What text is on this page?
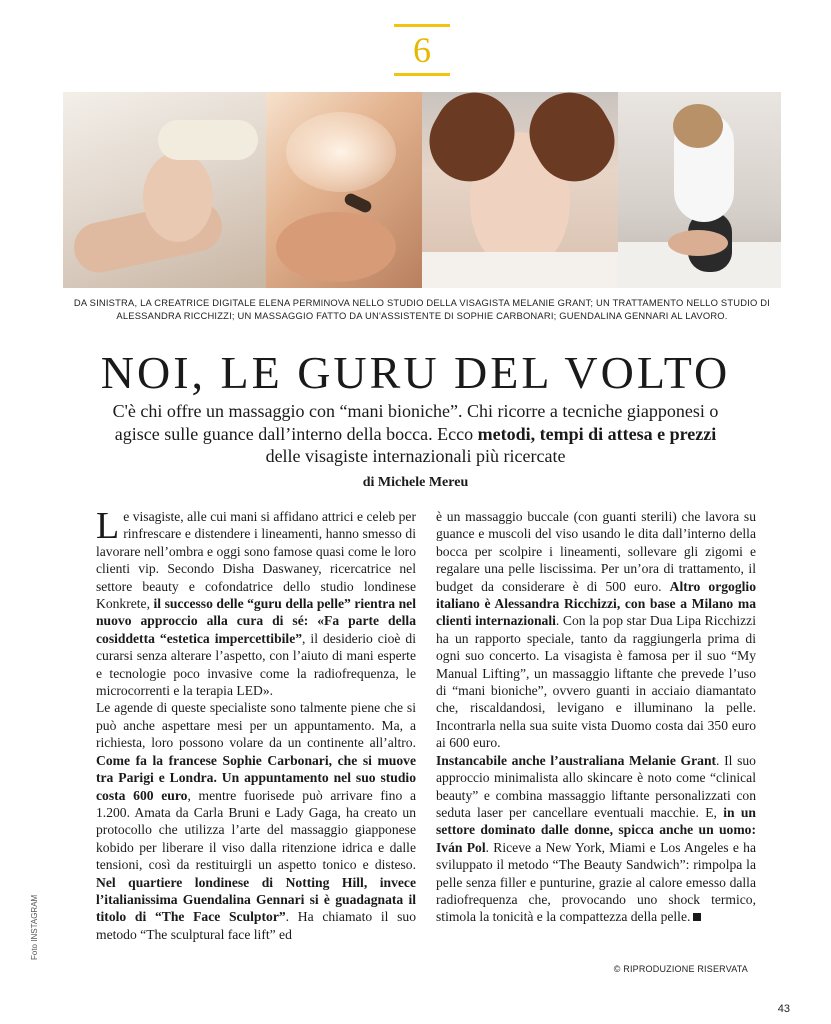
6
DA SINISTRA, LA CREATRICE DIGITALE ELENA PERMINOVA NELLO STUDIO DELLA VISAGISTA MELANIE GRANT; UN TRATTAMENTO NELLO STUDIO DI ALESSANDRA RICCHIZZI; UN MASSAGGIO FATTO DA UN'ASSISTENTE DI SOPHIE CARBONARI; GUENDALINA GENNARI AL LAVORO.
NOI, LE GURU DEL VOLTO

C'è chi offre un massaggio con “mani bioniche”. Chi ricorre a tecniche giapponesi o agisce sulle guance dall’interno della bocca. Ecco metodi, tempi di attesa e prezzi delle visagiste internazionali più ricercate

di Michele Mereu

Le visagiste, alle cui mani si affidano attrici e celeb per rinfrescare e distendere i lineamenti, hanno smesso di lavorare nell’ombra e oggi sono famose quasi come le loro clienti vip. Secondo Disha Daswaney, ricercatrice nel settore beauty e cofondatrice dello studio londinese Konkrete, il successo delle “guru della pelle” rientra nel nuovo approccio alla cura di sé: «Fa parte della cosiddetta “estetica impercettibile”, il desiderio cioè di curarsi senza alterare l’aspetto, con l’aiuto di mani esperte e tecnologie poco invasive come la radiofrequenza, le microcorrenti e la terapia LED».

Le agende di queste specialiste sono talmente piene che si può anche aspettare mesi per un appuntamento. Ma, a richiesta, loro possono volare da un continente all’altro. Come fa la francese Sophie Carbonari, che si muove tra Parigi e Londra. Un appuntamento nel suo studio costa 600 euro, mentre fuorisede può arrivare fino a 1.200. Amata da Carla Bruni e Lady Gaga, ha creato un protocollo che utilizza l’arte del massaggio giapponese kobido per liberare il viso dalla ritenzione idrica e dalle tensioni, così da restituirgli un aspetto tonico e disteso. Nel quartiere londinese di Notting Hill, invece l’italianissima Guendalina Gennari si è guadagnata il titolo di “The Face Sculptor”. Ha chiamato il suo metodo “The sculptural face lift” ed

è un massaggio buccale (con guanti sterili) che lavora su guance e muscoli del viso usando le dita dall’interno della bocca per scolpire i lineamenti, sollevare gli zigomi e regalare una pelle liscissima. Per un’ora di trattamento, il budget da considerare è di 500 euro. Altro orgoglio italiano è Alessandra Ricchizzi, con base a Milano ma clienti internazionali. Con la pop star Dua Lipa Ricchizzi ha un rapporto speciale, tanto da raggiungerla prima di ogni suo concerto. La visagista è famosa per il suo “My Manual Lifting”, un massaggio liftante che prevede l’uso di “mani bioniche”, ovvero guanti in acciaio diamantato che, riscaldandosi, levigano e illuminano la pelle. Incontrarla nella sua suite vista Duomo costa dai 350 euro ai 600 euro.

Instancabile anche l’australiana Melanie Grant. Il suo approccio minimalista allo skincare è noto come “clinical beauty” e combina massaggio liftante personalizzati con seduta laser per cancellare eventuali macchie. E, in un settore dominato dalle donne, spicca anche un uomo: Iván Pol. Riceve a New York, Miami e Los Angeles e ha sviluppato il metodo “The Beauty Sandwich”: rimpolpa la pelle senza filler e punturine, grazie al calore emesso dalla radiofrequenza che, provocando uno shock termico, stimola la tonicità e la compattezza della pelle.

© RIPRODUZIONE RISERVATA
Foto INSTAGRAM
43
